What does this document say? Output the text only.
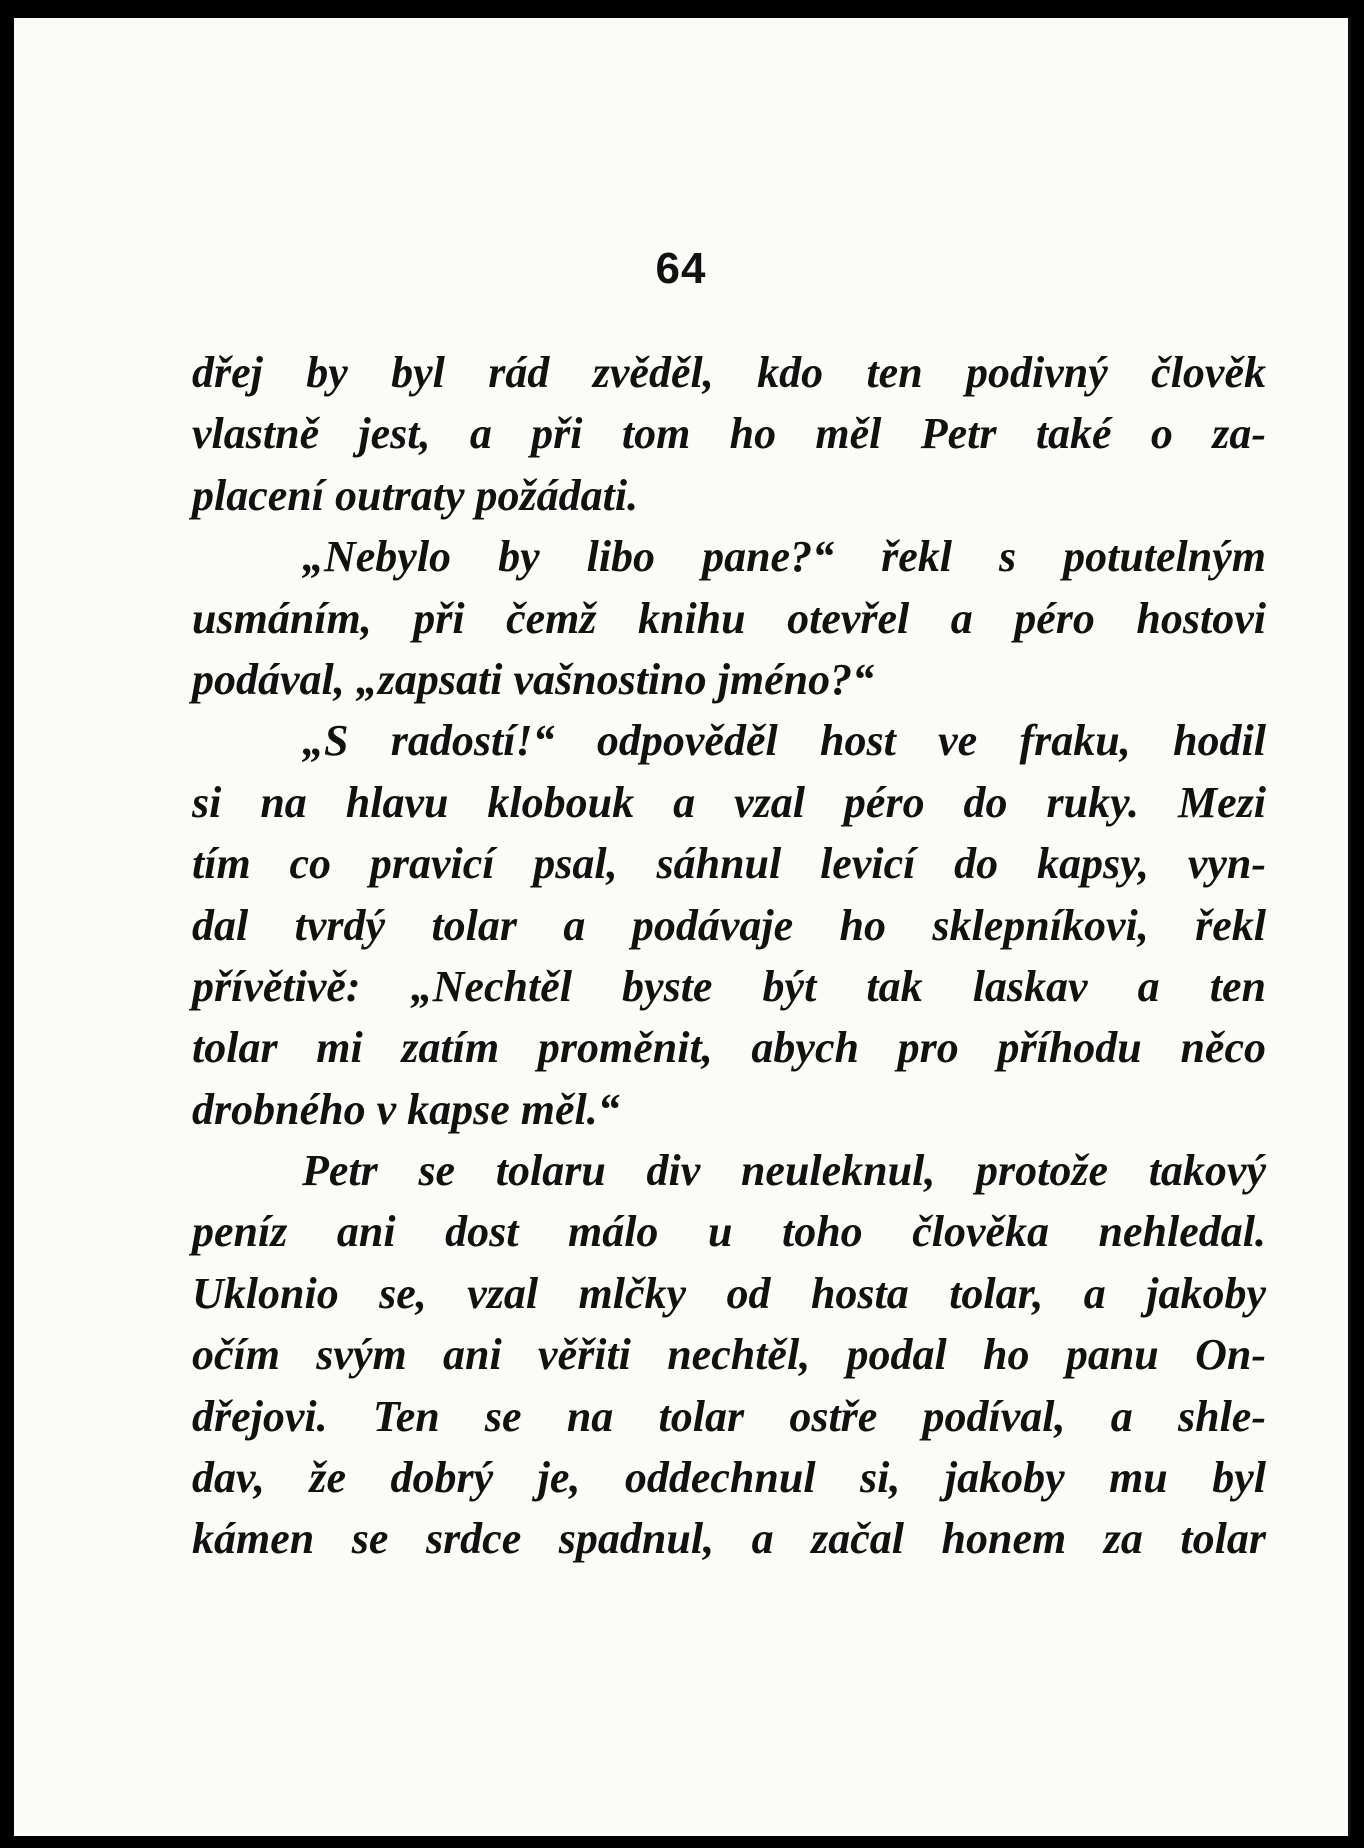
64
dřej by byl rád zvěděl, kdo ten podivný člověk
vlastně jest, a při tom ho měl Petr také o za-
placení outraty požádati.
„Nebylo by libo pane?“ řekl s potutelným
usmáním, při čemž knihu otevřel a péro hostovi
podával, „zapsati vašnostino jméno?“
„S radostí!“ odpověděl host ve fraku, hodil
si na hlavu klobouk a vzal péro do ruky. Mezi
tím co pravicí psal, sáhnul levicí do kapsy, vyn-
dal tvrdý tolar a podávaje ho sklepníkovi, řekl
přívětivě: „Nechtěl byste být tak laskav a ten
tolar mi zatím proměnit, abych pro příhodu něco
drobného v kapse měl.“
Petr se tolaru div neuleknul, protože takový
peníz ani dost málo u toho člověka nehledal.
Uklonio se, vzal mlčky od hosta tolar, a jakoby
očím svým ani věřiti nechtěl, podal ho panu On-
dřejovi. Ten se na tolar ostře podíval, a shle-
dav, že dobrý je, oddechnul si, jakoby mu byl
kámen se srdce spadnul, a začal honem za tolar
